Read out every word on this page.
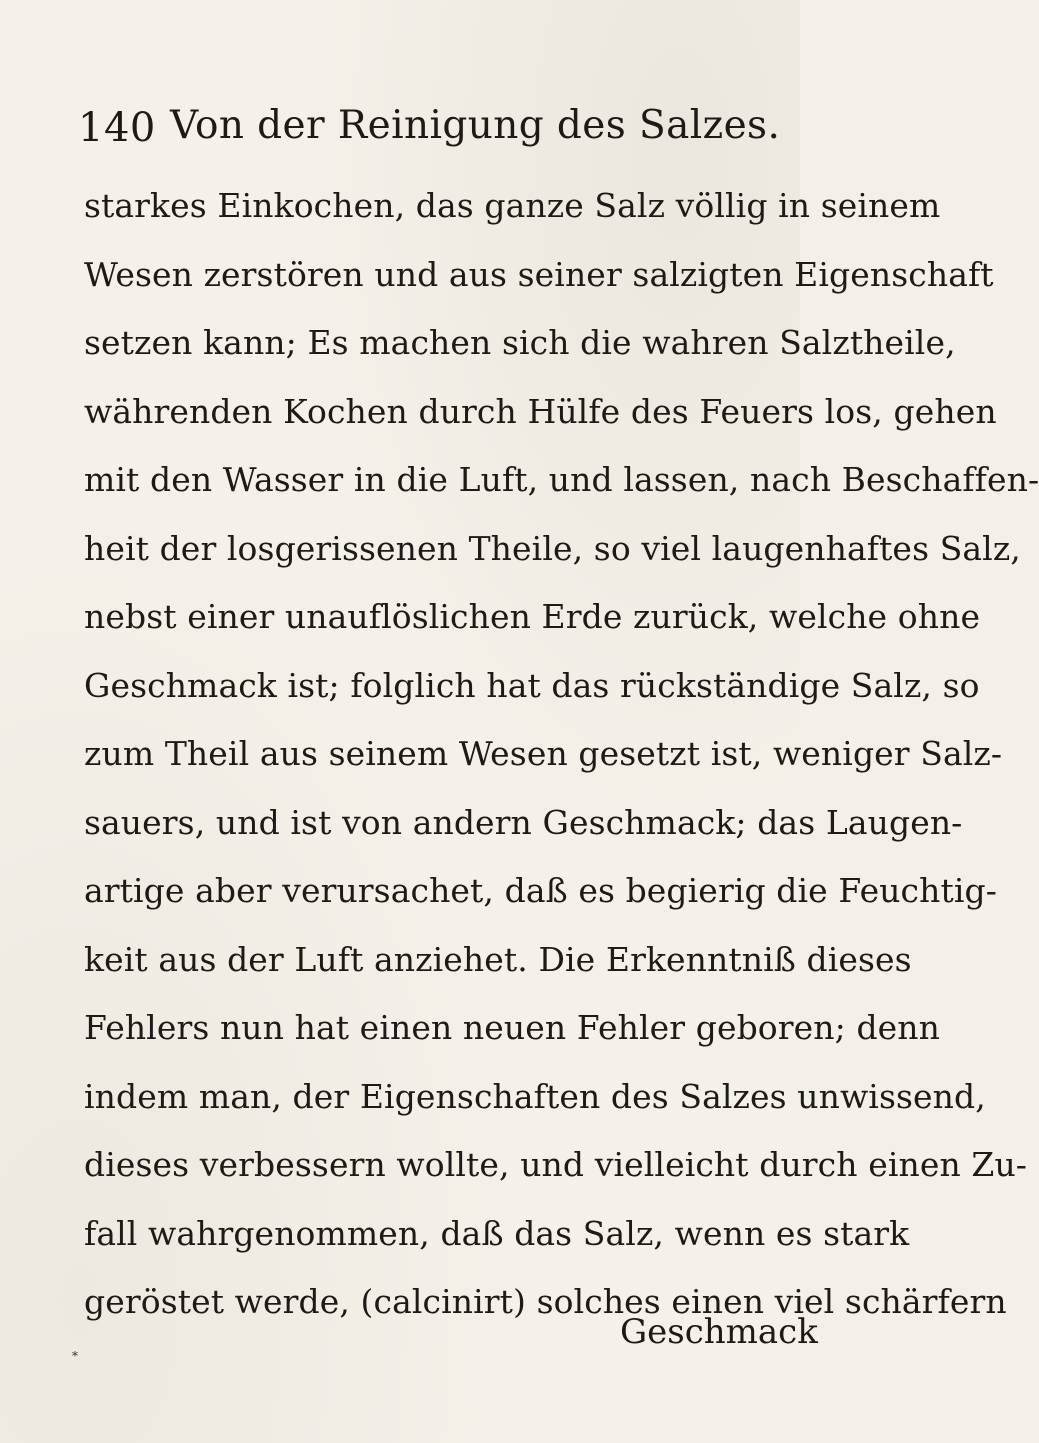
140 Von der Reinigung des Salzes.
starkes Einkochen, das ganze Salz völlig in seinem
Wesen zerstören und aus seiner salzigten Eigenschaft
setzen kann; Es machen sich die wahren Salztheile,
währenden Kochen durch Hülfe des Feuers los, gehen
mit den Wasser in die Luft, und lassen, nach Beschaffen-
heit der losgerissenen Theile, so viel laugenhaftes Salz,
nebst einer unauflöslichen Erde zurück, welche ohne
Geschmack ist; folglich hat das rückständige Salz, so
zum Theil aus seinem Wesen gesetzt ist, weniger Salz-
sauers, und ist von andern Geschmack; das Laugen-
artige aber verursachet, daß es begierig die Feuchtig-
keit aus der Luft anziehet. Die Erkenntniß dieses
Fehlers nun hat einen neuen Fehler geboren; denn
indem man, der Eigenschaften des Salzes unwissend,
dieses verbessern wollte, und vielleicht durch einen Zu-
fall wahrgenommen, daß das Salz, wenn es stark
geröstet werde, (calcinirt) solches einen viel schärfern
Geschmack
*
